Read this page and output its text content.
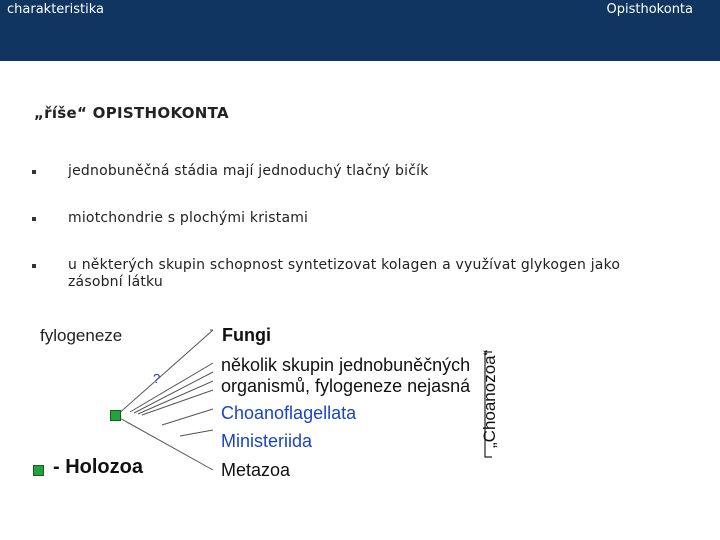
charakteristika	Opisthokonta
„říše“ OPISTHOKONTA
jednobuněčná stádia mají jednoduchý tlačný bičík
miotchondrie s plochými kristami
u některých skupin schopnost syntetizovat kolagen a využívat glykogen jako zásobní látku
fylogeneze	Fungi
několik skupin jednobuněčných
organismů, fylogeneze nejasná
Choanoflagellata
Ministeriida
Metazoa
?
- Holozoa
„Choanozoa“
